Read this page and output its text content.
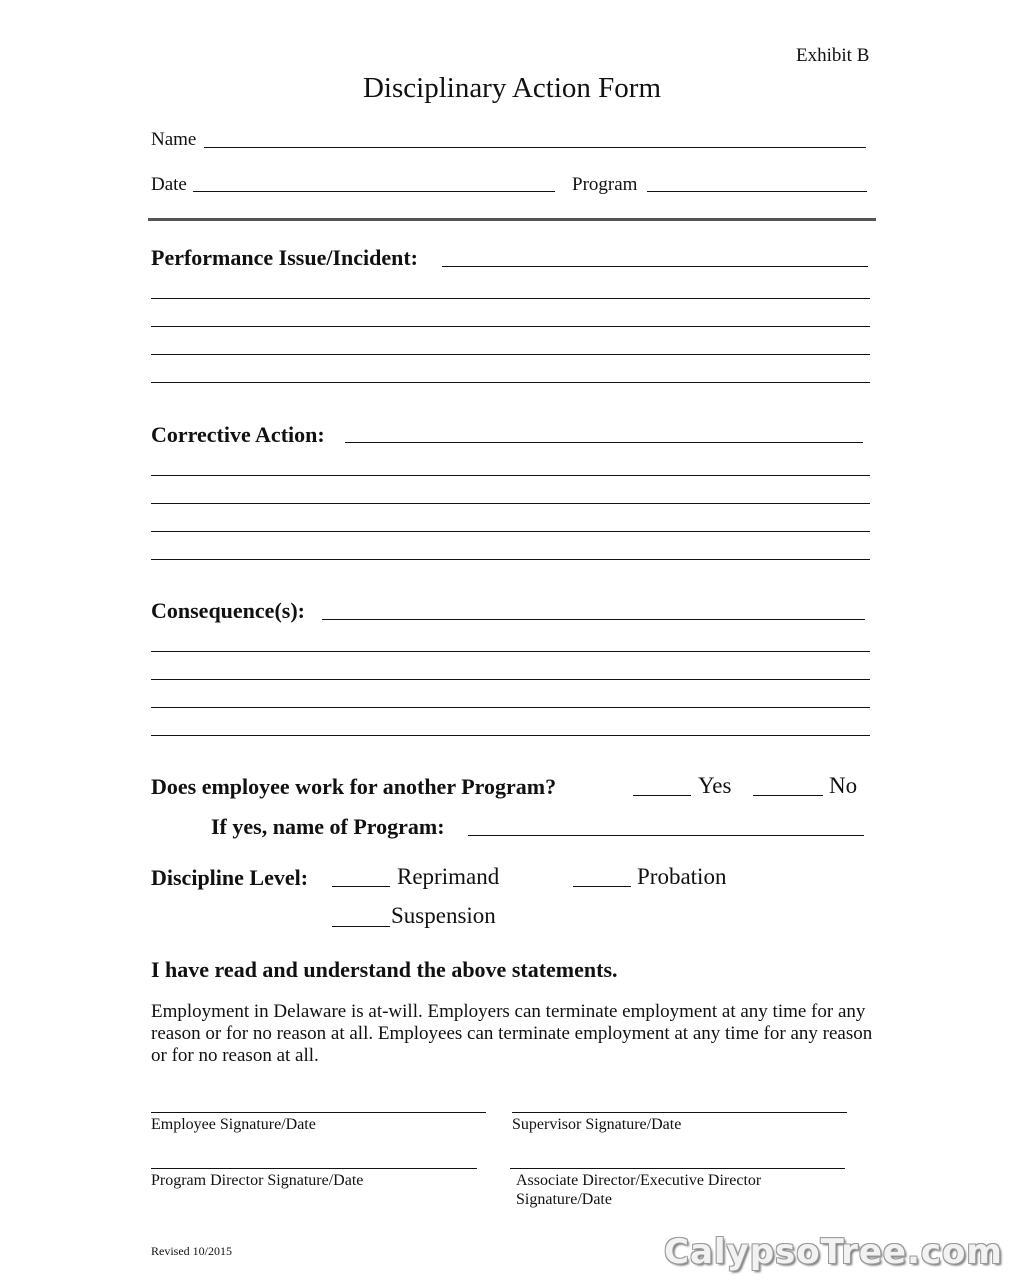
Exhibit B
Disciplinary Action Form
Name
Date	Program
Performance Issue/Incident:
Corrective Action:
Consequence(s):
Does employee work for another Program?	Yes	No
If yes, name of Program:
Discipline Level:	Reprimand	Probation
Suspension
I have read and understand the above statements.
Employment in Delaware is at-will. Employers can terminate employment at any time for any reason or for no reason at all. Employees can terminate employment at any time for any reason or for no reason at all.
Employee Signature/Date	Supervisor Signature/Date
Program Director Signature/Date	Associate Director/Executive Director
Signature/Date
Revised 10/2015	CalypsoTree.com
